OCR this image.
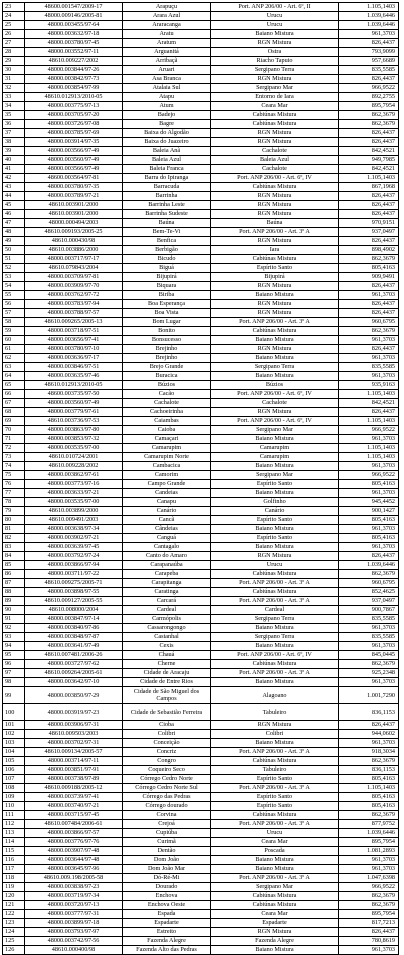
23	48600.001547/2009-17	Arapuçu	Port. ANP 206/00 - Art. 6º, II	1.105,1403
24	48000.009146/2005-81	Arara Azul	Urucu	1.039,6446
25	48000.003455/97-64	Araracanga	Urucu	1.039,6446
26	48000.003632/97-18	Aratu	Baiano Mistura	961,3703
27	48000.003780/97-45	Aratum	RGN Mistura	826,4437
28	48000.003552/97-11	Arguanitá	Ostra	793,9099
29	48610.009227/2002	Arribaçã	Riacho Tapuio	957,6689
30	48000.003844/97-26	Aruari	Sergipano Terra	835,5585
31	48000.003842/97-73	Asa Branca	RGN Mistura	826,4437
32	48000.003854/97-99	Atalaia Sul	Sergipano Mar	966,9522
33	48610.012913/2010-05	Atapu	Entorno de Iara	892,2755
34	48000.003775/97-13	Atum	Ceara Mar	895,7954
35	48000.003705/97-20	Badejo	Cabiúnas Mistura	862,3679
36	48000.003726/97-08	Bagre	Cabiúnas Mistura	862,3679
37	48000.003785/97-69	Baixa do Algodão	RGN Mistura	826,4437
38	48000.003914/97-35	Baixa do Juazeiro	RGN Mistura	826,4437
39	48000.003566/97-49	Baleia Anã	Cachalote	842,4521
40	48000.003560/97-49	Baleia Azul	Baleia Azul	949,7985
41	48000.003566/97-49	Baleia Franca	Cachalote	842,4521
42	48600.003564/97-81	Barra do Ipiranga	Port. ANP 206/00 - Art. 6º, IV	1.105,1403
43	48000.003780/97-35	Barracuda	Cabiúnas Mistura	867,1968
44	48000.003789/97-21	Barrinha	RGN Mistura	826,4437
45	48610.003901/2000	Barrinha Leste	RGN Mistura	826,4437
46	48610.003901/2000	Barrinha Sudeste	RGN Mistura	826,4437
47	48000.000494/2003	Baúna	Baúna	970,9151
48	48610.009193/2005-25	Bem-Te-Vi	Port. ANP 206/00 - Art. 3º A	937,0497
49	48610.000430/98	Benfica	RGN Mistura	826,4437
50	48610.003886/2000	Berbigão	Iara	898,4902
51	48000.003717/97-17	Bicudo	Cabiúnas Mistura	862,3679
52	48610.079843/2004	Biguá	Espírito Santo	805,4163
53	48000.003709/97-81	Bijupirá	Bijupirá	909,9491
54	48000.003909/97-70	Biquara	RGN Mistura	826,4437
55	48000.003762/97-72	Biriba	Baiano Mistura	961,3703
56	48000.003783/97-94	Boa Esperança	RGN Mistura	826,4437
57	48000.003788/97-57	Boa Vista	RGN Mistura	826,4437
58	48610.009265/2005-13	Bom Lugar	Port. ANP 206/00 - Art. 3º A	960,6795
59	48000.003718/97-51	Bonito	Cabiúnas Mistura	862,3679
60	48000.003656/97-41	Bonsucesso	Baiano Mistura	961,3703
61	48000.003780/97-10	Brejinho	RGN Mistura	826,4437
62	48000.003636/97-17	Brejinho	Baiano Mistura	961,3703
63	48000.003846/97-51	Brejo Grande	Sergipano Terra	835,5585
64	48000.003635/97-46	Buracica	Baiano Mistura	961,3703
65	48610.012913/2010-05	Búzios	Búzios	935,9163
66	48600.003735/97-50	Cacão	Port. ANP 206/00 - Art. 6º, IV	1.105,1403
67	48000.003560/97-49	Cachalote	Cachalote	842,4521
68	48000.003779/97-61	Cachoeirinha	RGN Mistura	826,4437
69	48610.003736/97-53	Caiambas	Port. ANP 206/00 - Art. 6º, IV	1.105,1403
70	48000.003863/97-80	Caioba	Sergipano Mar	966,9522
71	48000.003853/97-32	Camaçari	Baiano Mistura	961,3703
72	48000.003535/97-00	Camarupim	Camarupim	1.105,1403
73	48610.010724/2001	Camarupim Norte	Camarupim	1.105,1403
74	48610.009228/2002	Cambacica	Baiano Mistura	961,3703
75	48000.003862/97-61	Camorim	Sergipano Mar	966,9522
76	48000.003773/97-16	Campo Grande	Espírito Santo	805,4163
77	48000.003633/97-21	Candeias	Baiano Mistura	961,3703
78	48000.003535/97-00	Canapu	Golfinho	945,4452
79	48610.003899/2000	Canário	Canário	900,1427
80	48610.009491/2003	Cancã	Espírito Santo	805,4163
81	48000.003638/97-34	Cândeias	Baiano Mistura	961,3703
82	48000.003902/97-21	Canguá	Espírito Santo	805,4163
83	48000.003639/97-45	Cantagalo	Baiano Mistura	961,3703
84	48000.003792/97-24	Canto do Amaro	RGN Mistura	826,4437
85	48000.003866/97-94	Carapanaúba	Urucu	1.039,6446
86	48000.003711/97-22	Carapeba	Cabiúnas Mistura	862,3679
87	48610.009275/2005-71	Carapitanga	Port. ANP 206/00 - Art. 3º A	960,6795
88	48000.003898/97-55	Caratinga	Cabiúnas Mistura	852,4625
89	48610.009127/2005-55	Carcará	Port. ANP 206/00 - Art. 3º A	937,0497
90	48610.008000/2004	Cardeal	Cardeal	900,7867
91	48000.003847/97-14	Carmópolis	Sergipano Terra	835,5585
92	48000.003840/97-86	Cassarongongo	Baiano Mistura	961,3703
93	48000.003848/97-87	Castanhal	Sergipano Terra	835,5585
94	48000.003641/97-49	Cexis	Baiano Mistura	961,3703
95	48610.007481/2006-26	Chauá	Port. ANP 206/00 - Art. 6º, IV	845,0445
96	48000.003727/97-62	Cherne	Cabiúnas Mistura	862,3679
97	48610.009264/2005-61	Cidade de Aracaju	Port. ANP 206/00 - Art. 3º A	925,2348
98	48000.003642/97-10	Cidade de Entre Rios	Baiano Mistura	961,3703
99	48000.003850/97-29	Cidade de São Miguel dos Campos	Alagoano	1.001,7290
100	48000.003919/97-23	Cidade de Sebastião Ferreira	Tabuleiro	836,1153
101	48000.003906/97-31	Cioba	RGN Mistura	826,4437
102	48610.009503/2003	Colibri	Colibri	944,0602
103	48000.003702/97-31	Conceição	Baiano Mistura	961,3703
104	48610.009134/2005-57	Concriz	Port. ANP 206/00 - Art. 3º A	918,3034
105	48000.003714/97-11	Congro	Cabiúnas Mistura	862,3679
106	48000.003851/97-91	Coqueiro Seco	Tabuleiro	836,1153
107	48000.003738/97-89	Córrego Cedro Norte	Espírito Santo	805,4163
108	48610.009188/2005-12	Córrego Cedro Norte Sul	Port. ANP 206/00 - Art. 3º A	1.105,1403
109	48000.003739/97-41	Córrego das Pedras	Espírito Santo	805,4163
110	48000.003740/97-21	Córrego dourado	Espírito Santo	805,4163
111	48000.003715/97-45	Corvina	Cabiúnas Mistura	862,3679
112	48610.007484/2006-61	Crejoá	Port. ANP 206/00 - Art. 3º A	877,9752
113	48000.003866/97-57	Cupiúba	Urucu	1.039,6446
114	48000.003776/97-76	Curimã	Ceara Mar	895,7954
115	48000.003907/97-48	Dentão	Poscada	1.081,2893
116	48000.003644/97-48	Dom João	Baiano Mistura	961,3703
117	48000.003645/97-96	Dom João Mar	Baiano Mistura	961,3703
118	48610.009.198/2005-58	Dó-Ré-Mi	Port. ANP 206/00 - Art. 3º A	1.047,6398
119	48000.003838/97-23	Dourado	Sergipano Mar	966,9522
120	48000.003719/97-34	Enchova	Cabiúnas Mistura	862,3679
121	48000.003720/97-13	Enchova Oeste	Cabiúnas Mistura	862,3679
122	48000.003777/97-31	Espada	Ceara Mar	895,7954
123	48000.003899/97-18	Espadarte	Espadarte	817,7213
124	48000.003793/97-97	Estreito	RGN Mistura	826,4437
125	48000.003742/97-56	Fazenda Alegre	Fazenda Alegre	780,8619
126	48610.000400/98	Fazenda Alto das Pedras	Baiano Mistura	961,3703
